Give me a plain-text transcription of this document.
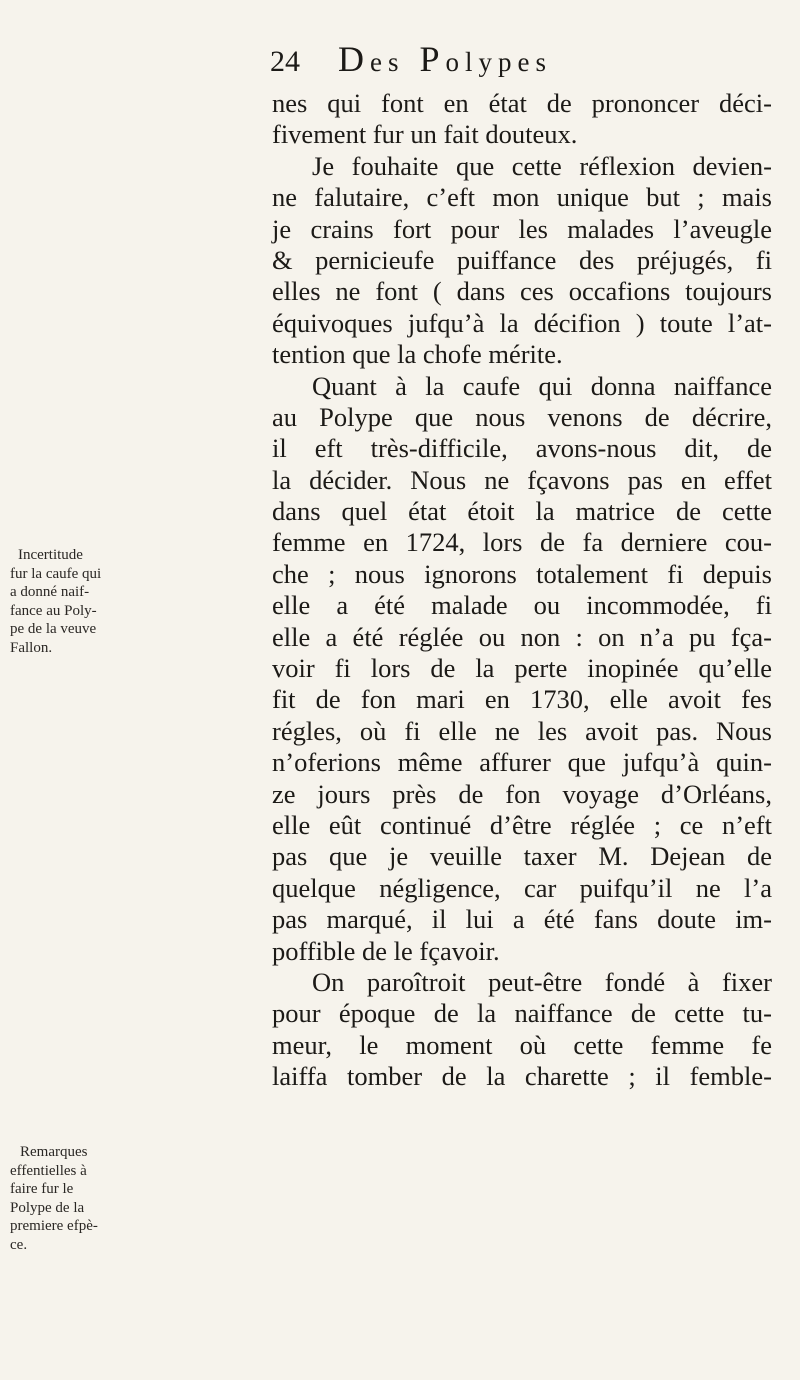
24 Des Polypes
nes qui font en état de prononcer déci-
fivement fur un fait douteux.
Je fouhaite que cette réflexion devien-
ne falutaire, c’eft mon unique but ; mais
je crains fort pour les malades l’aveugle
& pernicieufe puiffance des préjugés, fi
elles ne font ( dans ces occafions toujours
équivoques jufqu’à la décifion ) toute l’at-
tention que la chofe mérite.
Quant à la caufe qui donna naiffance
au Polype que nous venons de décrire,
il eft très-difficile, avons-nous dit, de
la décider. Nous ne fçavons pas en effet
dans quel état étoit la matrice de cette
femme en 1724, lors de fa derniere cou-
che ; nous ignorons totalement fi depuis
elle a été malade ou incommodée, fi
elle a été réglée ou non : on n’a pu fça-
voir fi lors de la perte inopinée qu’elle
fit de fon mari en 1730, elle avoit fes
régles, où fi elle ne les avoit pas. Nous
n’oferions même affurer que jufqu’à quin-
ze jours près de fon voyage d’Orléans,
elle eût continué d’être réglée ; ce n’eft
pas que je veuille taxer M. Dejean de
quelque négligence, car puifqu’il ne l’a
pas marqué, il lui a été fans doute im-
poffible de le fçavoir.
On paroîtroit peut-être fondé à fixer
pour époque de la naiffance de cette tu-
meur, le moment où cette femme fe
laiffa tomber de la charette ; il femble-
Incertitude
fur la caufe qui
a donné naif-
fance au Poly-
pe de la veuve
Fallon.
Remarques
effentielles à
faire fur le
Polype de la
premiere efpè-
ce.
